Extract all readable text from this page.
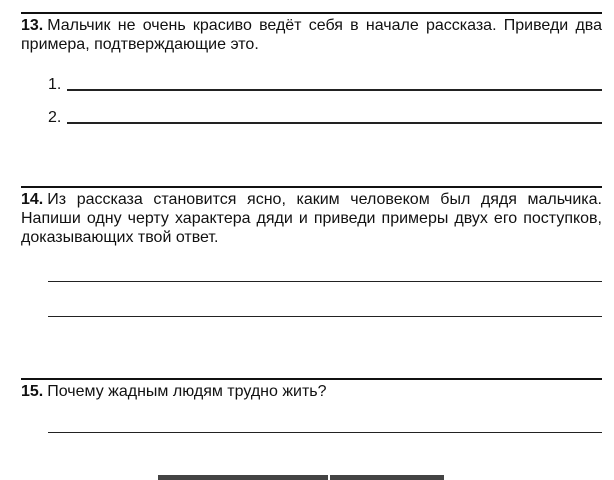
13. Мальчик не очень красиво ведёт себя в начале рассказа. Приведи два примера, подтверждающие это.

1.
2.

14. Из рассказа становится ясно, каким человеком был дядя мальчика. Напиши одну черту характера дяди и приведи примеры двух его поступков, доказывающих твой ответ.

15. Почему жадным людям трудно жить?
